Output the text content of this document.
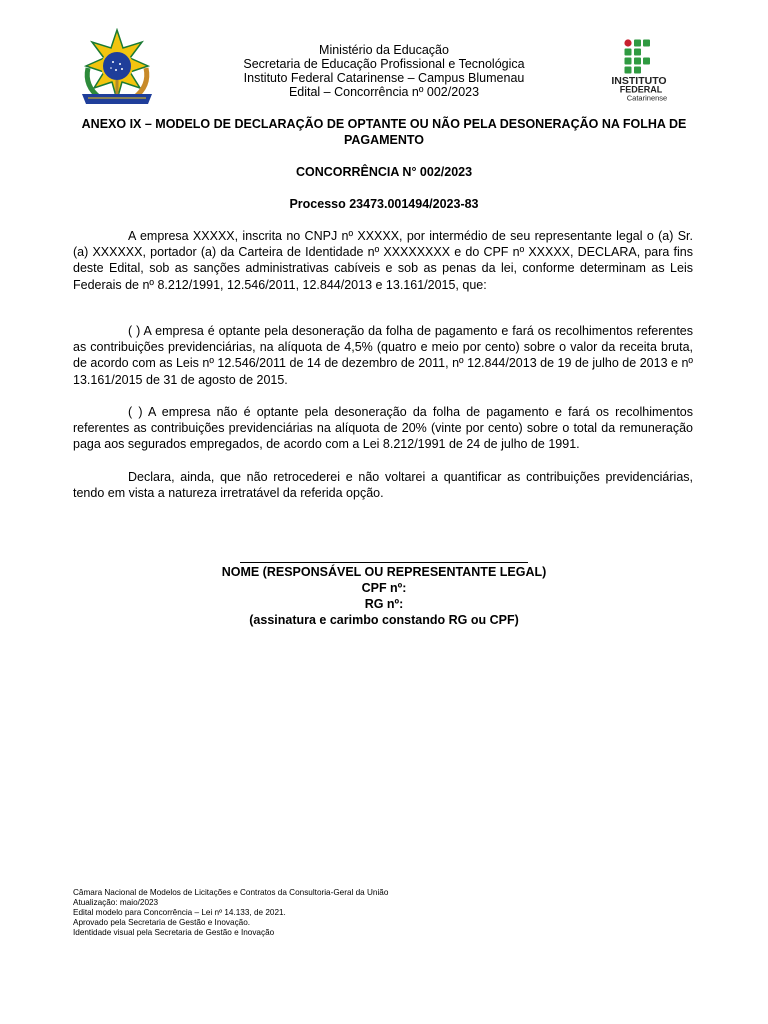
Ministério da Educação
Secretaria de Educação Profissional e Tecnológica
Instituto Federal Catarinense – Campus Blumenau
Edital – Concorrência nº 002/2023
INSTITUTO
FEDERAL
Catarinense
ANEXO IX – MODELO DE DECLARAÇÃO DE OPTANTE OU NÃO PELA DESONERAÇÃO NA FOLHA DE PAGAMENTO
CONCORRÊNCIA N° 002/2023
Processo 23473.001494/2023-83
A empresa XXXXX, inscrita no CNPJ nº XXXXX, por intermédio de seu representante legal o (a) Sr. (a) XXXXXX, portador (a) da Carteira de Identidade nº XXXXXXXX e do CPF nº XXXXX, DECLARA, para fins deste Edital, sob as sanções administrativas cabíveis e sob as penas da lei, conforme determinam as Leis Federais de nº 8.212/1991, 12.546/2011, 12.844/2013 e 13.161/2015, que:
( ) A empresa é optante pela desoneração da folha de pagamento e fará os recolhimentos referentes as contribuições previdenciárias, na alíquota de 4,5% (quatro e meio por cento) sobre o valor da receita bruta, de acordo com as Leis nº 12.546/2011 de 14 de dezembro de 2011, nº 12.844/2013 de 19 de julho de 2013 e nº 13.161/2015 de 31 de agosto de 2015.
( ) A empresa não é optante pela desoneração da folha de pagamento e fará os recolhimentos referentes as contribuições previdenciárias na alíquota de 20% (vinte por cento) sobre o total da remuneração paga aos segurados empregados, de acordo com a Lei 8.212/1991 de 24 de julho de 1991.
Declara, ainda, que não retrocederei e não voltarei a quantificar as contribuições previdenciárias, tendo em vista a natureza irretratável da referida opção.
NOME (RESPONSÁVEL OU REPRESENTANTE LEGAL)
CPF nº:
RG nº:
(assinatura e carimbo constando RG ou CPF)
Câmara Nacional de Modelos de Licitações e Contratos da Consultoria-Geral da União
Atualização: maio/2023
Edital modelo para Concorrência – Lei nº 14.133, de 2021.
Aprovado pela Secretaria de Gestão e Inovação.
Identidade visual pela Secretaria de Gestão e Inovação
